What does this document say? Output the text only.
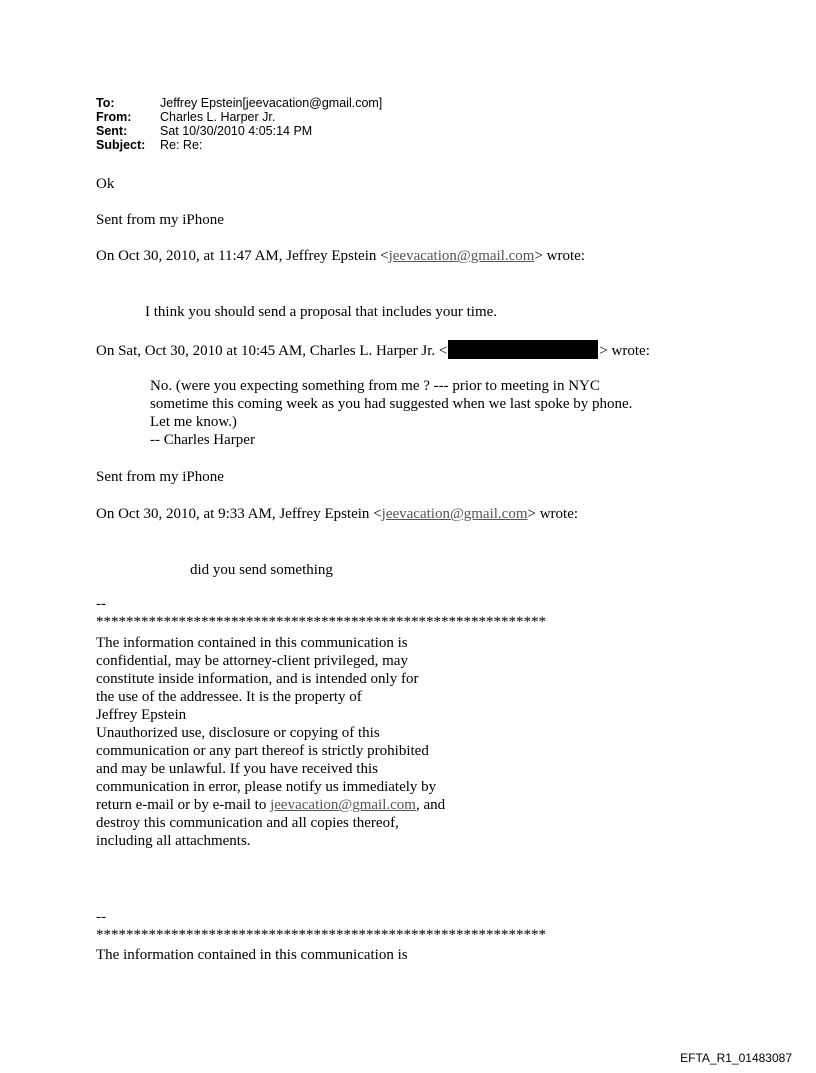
To:	Jeffrey Epstein[jeevacation@gmail.com]
From:	Charles L. Harper Jr.
Sent:	Sat 10/30/2010 4:05:14 PM
Subject:	Re: Re:
Ok
Sent from my iPhone
On Oct 30, 2010, at 11:47 AM, Jeffrey Epstein <jeevacation@gmail.com> wrote:
I think you should send a proposal that includes your time.
On Sat, Oct 30, 2010 at 10:45 AM, Charles L. Harper Jr. <	> wrote:
No. (were you expecting something from me ? --- prior to meeting in NYC
sometime this coming week as you had suggested when we last spoke by phone.
Let me know.)
-- Charles Harper
Sent from my iPhone
On Oct 30, 2010, at 9:33 AM, Jeffrey Epstein <jeevacation@gmail.com> wrote:
did you send something
--
************************************************************
The information contained in this communication is
confidential, may be attorney-client privileged, may
constitute inside information, and is intended only for
the use of the addressee. It is the property of
Jeffrey Epstein
Unauthorized use, disclosure or copying of this
communication or any part thereof is strictly prohibited
and may be unlawful. If you have received this
communication in error, please notify us immediately by
return e-mail or by e-mail to jeevacation@gmail.com, and
destroy this communication and all copies thereof,
including all attachments.
--
************************************************************
The information contained in this communication is
EFTA_R1_01483087
